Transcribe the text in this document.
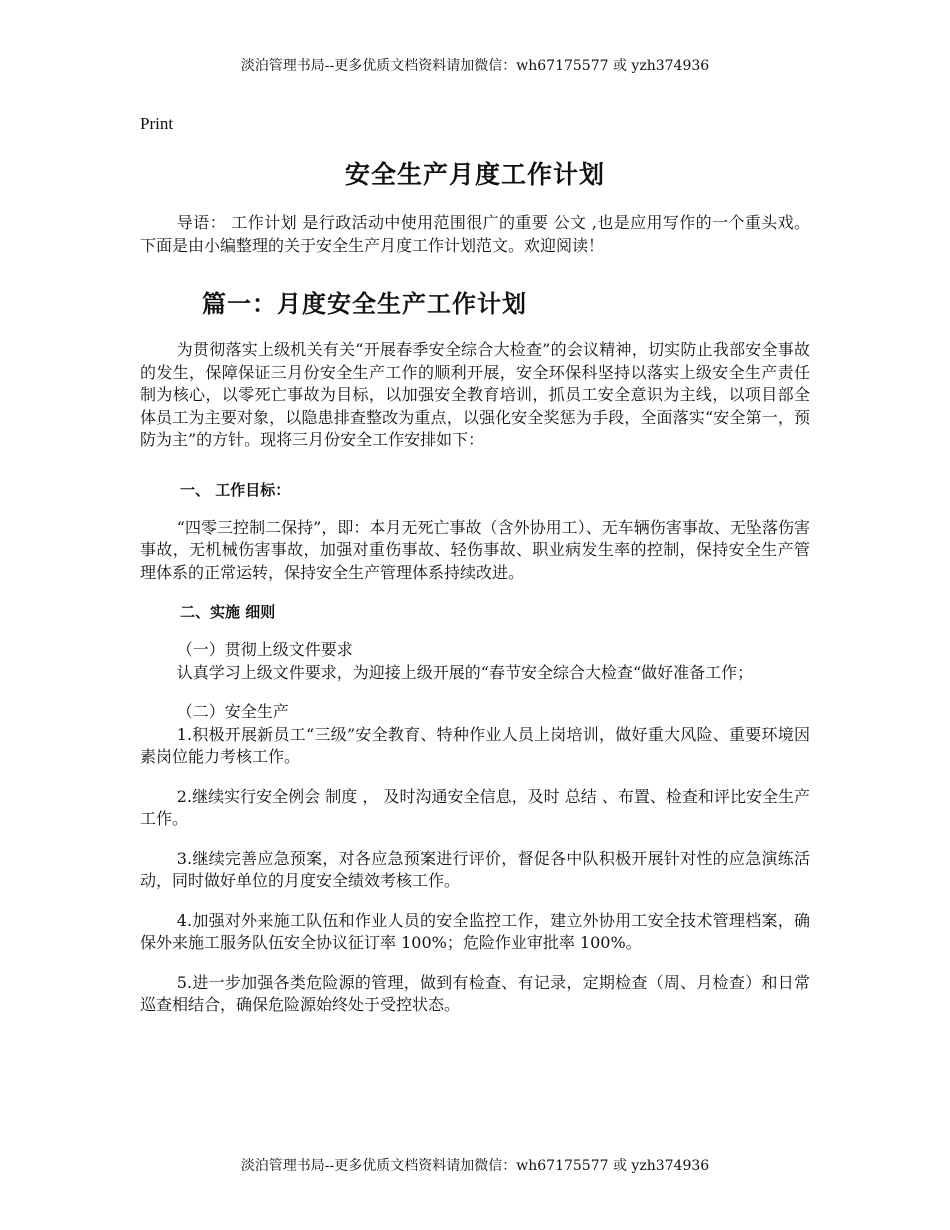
淡泊管理书局--更多优质文档资料请加微信：wh67175577 或 yzh374936
Print
安全生产月度工作计划

导语： 工作计划 是行政活动中使用范围很广的重要 公文 ,也是应用写作的一个重头戏。下面是由小编整理的关于安全生产月度工作计划范文。欢迎阅读！

篇一：月度安全生产工作计划

为贯彻落实上级机关有关“开展春季安全综合大检查”的会议精神，切实防止我部安全事故的发生，保障保证三月份安全生产工作的顺利开展，安全环保科坚持以落实上级安全生产责任制为核心，以零死亡事故为目标，以加强安全教育培训，抓员工安全意识为主线，以项目部全体员工为主要对象，以隐患排查整改为重点，以强化安全奖惩为手段，全面落实“安全第一，预防为主”的方针。现将三月份安全工作安排如下：

一、 工作目标：

“四零三控制二保持”，即：本月无死亡事故（含外协用工）、无车辆伤害事故、无坠落伤害事故，无机械伤害事故，加强对重伤事故、轻伤事故、职业病发生率的控制，保持安全生产管理体系的正常运转，保持安全生产管理体系持续改进。

二、实施 细则

（一）贯彻上级文件要求

认真学习上级文件要求，为迎接上级开展的“春节安全综合大检查“做好准备工作；

（二）安全生产

1.积极开展新员工“三级”安全教育、特种作业人员上岗培训，做好重大风险、重要环境因素岗位能力考核工作。

2.继续实行安全例会 制度 ， 及时沟通安全信息，及时 总结 、布置、检查和评比安全生产工作。

3.继续完善应急预案，对各应急预案进行评价，督促各中队积极开展针对性的应急演练活动，同时做好单位的月度安全绩效考核工作。

4.加强对外来施工队伍和作业人员的安全监控工作，建立外协用工安全技术管理档案，确保外来施工服务队伍安全协议征订率 100%；危险作业审批率 100%。

5.进一步加强各类危险源的管理，做到有检查、有记录，定期检查（周、月检查）和日常巡查相结合，确保危险源始终处于受控状态。

淡泊管理书局--更多优质文档资料请加微信：wh67175577 或 yzh374936
